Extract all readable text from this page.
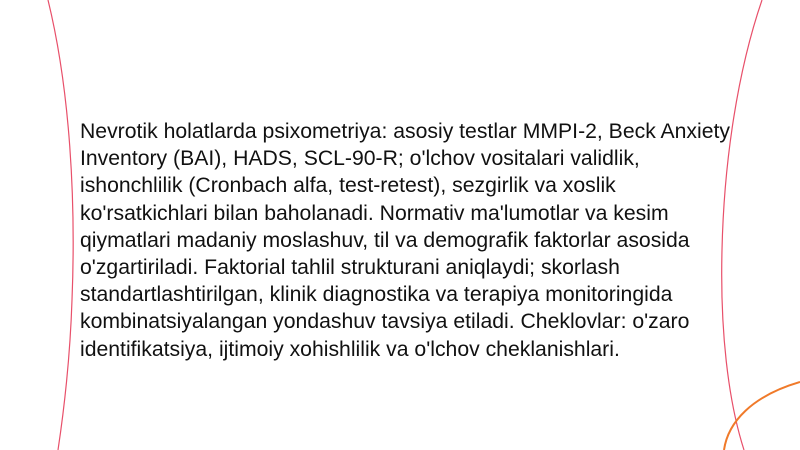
Nevrotik holatlarda psixometriya: asosiy testlar MMPI-2, Beck Anxiety Inventory (BAI), HADS, SCL-90-R; o'lchov vositalari validlik, ishonchlilik (Cronbach alfa, test-retest), sezgirlik va xoslik ko'rsatkichlari bilan baholanadi. Normativ ma'lumotlar va kesim qiymatlari madaniy moslashuv, til va demografik faktorlar asosida o'zgartiriladi. Faktorial tahlil strukturani aniqlaydi; skorlash standartlashtirilgan, klinik diagnostika va terapiya monitoringida kombinatsiyalangan yondashuv tavsiya etiladi. Cheklovlar: o'zaro identifikatsiya, ijtimoiy xohishlilik va o'lchov cheklanishlari.
